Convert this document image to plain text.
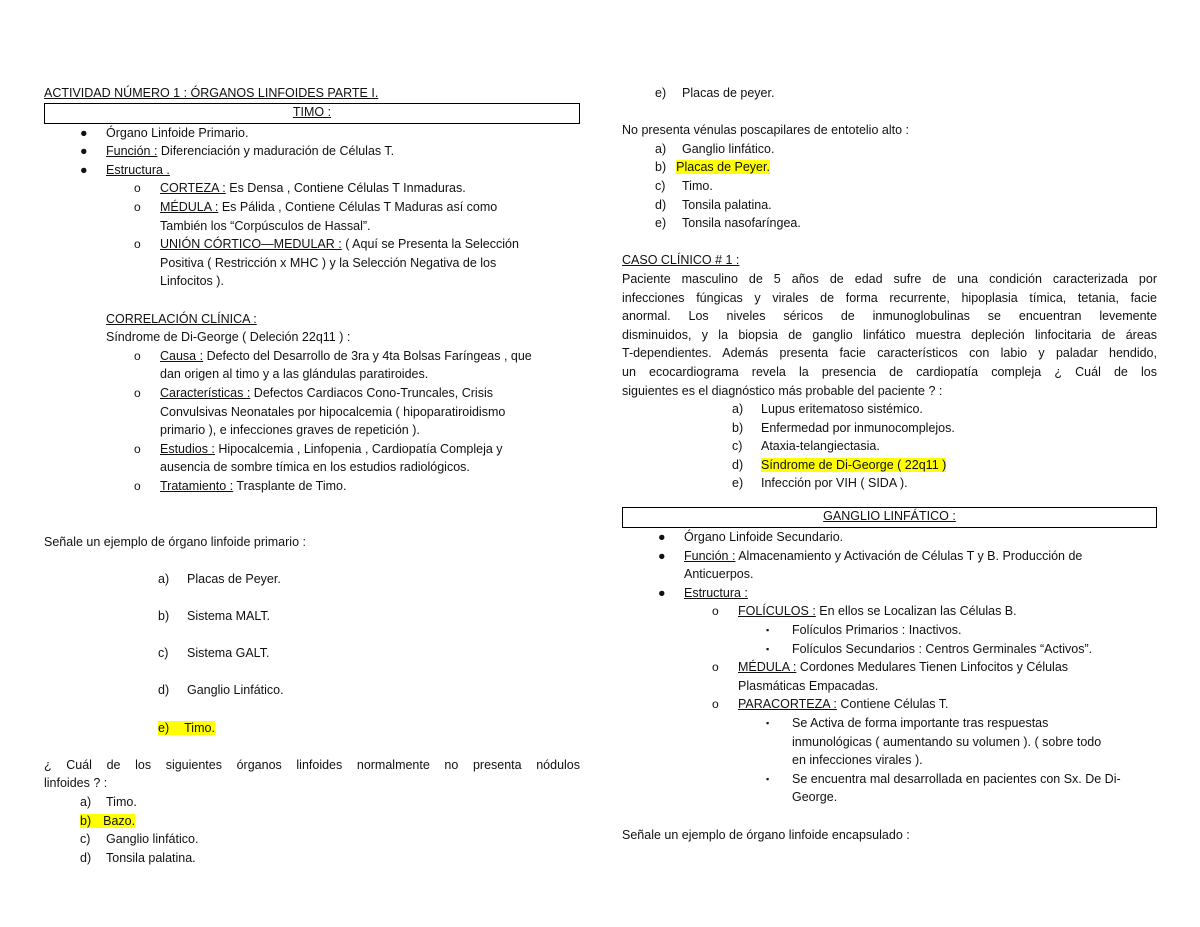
ACTIVIDAD NÚMERO 1 : ÓRGANOS LINFOIDES PARTE I.
TIMO :
● Órgano Linfoide Primario.
● Función : Diferenciación y maduración de Células T.
● Estructura .
o CORTEZA : Es Densa , Contiene Células T Inmaduras.
o MÉDULA : Es Pálida , Contiene Células T Maduras así como
También los “Corpúsculos de Hassal”.
o UNIÓN CÓRTICO—MEDULAR : ( Aquí se Presenta la Selección
Positiva ( Restricción x MHC ) y la Selección Negativa de los
Linfocitos ).
CORRELACIÓN CLÍNICA :
Síndrome de Di-George ( Deleción 22q11 ) :
o Causa : Defecto del Desarrollo de 3ra y 4ta Bolsas Faríngeas , que
dan origen al timo y a las glándulas paratiroides.
o Características : Defectos Cardiacos Cono-Truncales, Crisis
Convulsivas Neonatales por hipocalcemia ( hipoparatiroidismo
primario ), e infecciones graves de repetición ).
o Estudios : Hipocalcemia , Linfopenia , Cardiopatía Compleja y
ausencia de sombre tímica en los estudios radiológicos.
o Tratamiento : Trasplante de Timo.
Señale un ejemplo de órgano linfoide primario :
a) Placas de Peyer.
b) Sistema MALT.
c) Sistema GALT.
d) Ganglio Linfático.
e) Timo.
¿ Cuál de los siguientes órganos linfoides normalmente no presenta nódulos
linfoides ? :
a) Timo.
b) Bazo.
c) Ganglio linfático.
d) Tonsila palatina.
e) Placas de peyer.
No presenta vénulas poscapilares de entotelio alto :
a) Ganglio linfático.
b) Placas de Peyer.
c) Timo.
d) Tonsila palatina.
e) Tonsila nasofaríngea.
CASO CLÍNICO # 1 :
Paciente masculino de 5 años de edad sufre de una condición caracterizada por
infecciones fúngicas y virales de forma recurrente, hipoplasia tímica, tetania, facie
anormal. Los niveles séricos de inmunoglobulinas se encuentran levemente
disminuidos, y la biopsia de ganglio linfático muestra depleción linfocitaria de áreas
T-dependientes. Además presenta facie característicos con labio y paladar hendido,
un ecocardiograma revela la presencia de cardiopatía compleja ¿ Cuál de los
siguientes es el diagnóstico más probable del paciente ? :
a) Lupus eritematoso sistémico.
b) Enfermedad por inmunocomplejos.
c) Ataxia-telangiectasia.
d) Síndrome de Di-George ( 22q11 )
e) Infección por VIH ( SIDA ).
GANGLIO LINFÁTICO :
● Órgano Linfoide Secundario.
● Función : Almacenamiento y Activación de Células T y B. Producción de
Anticuerpos.
● Estructura :
o FOLÍCULOS : En ellos se Localizan las Células B.
▪ Folículos Primarios : Inactivos.
▪ Folículos Secundarios : Centros Germinales “Activos”.
o MÉDULA : Cordones Medulares Tienen Linfocitos y Células
Plasmáticas Empacadas.
o PARACORTEZA : Contiene Células T.
▪ Se Activa de forma importante tras respuestas
inmunológicas ( aumentando su volumen ). ( sobre todo
en infecciones virales ).
▪ Se encuentra mal desarrollada en pacientes con Sx. De Di-
George.
Señale un ejemplo de órgano linfoide encapsulado :
